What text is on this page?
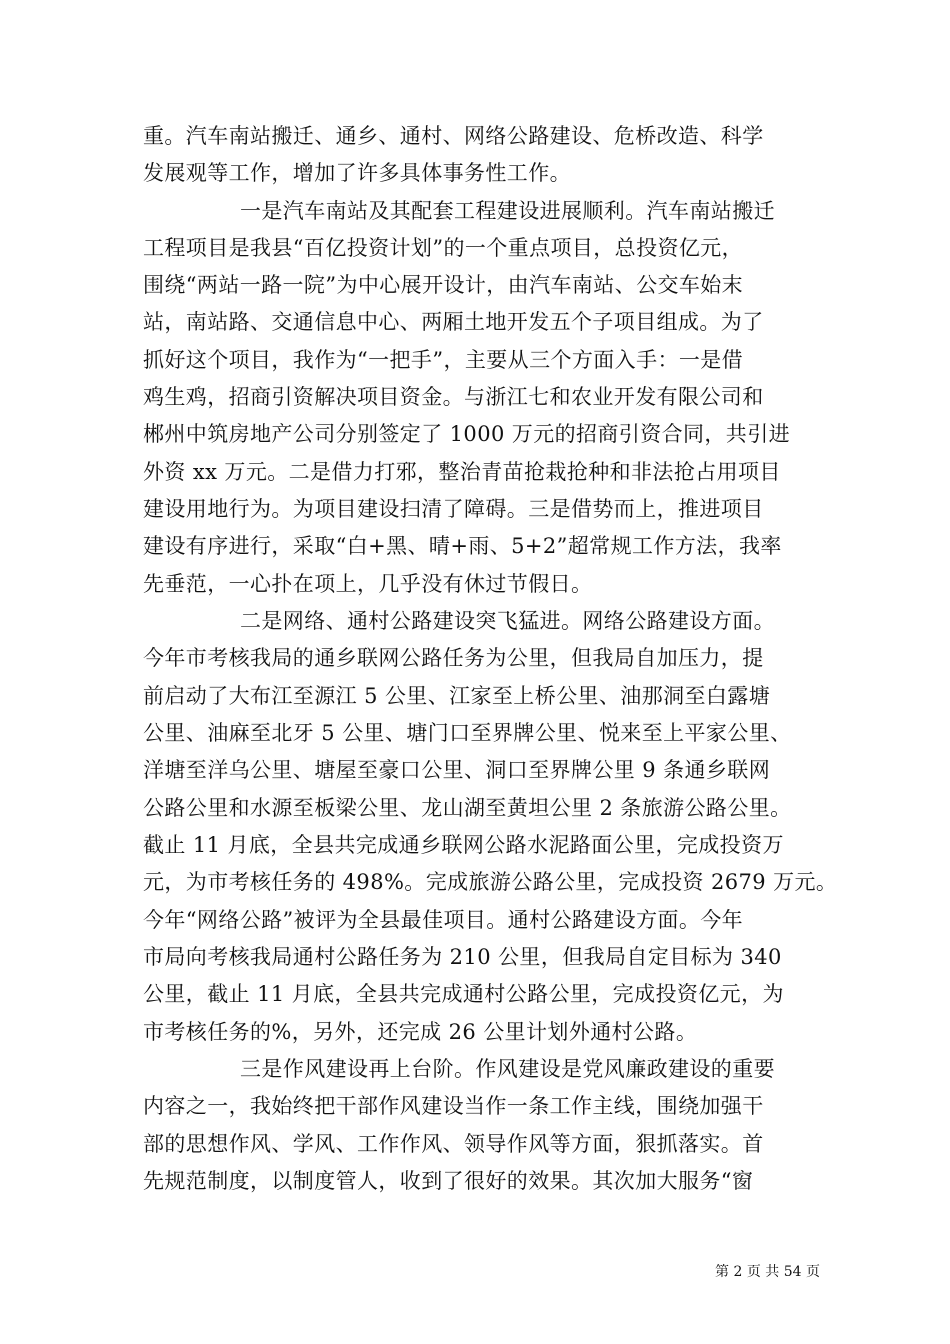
重。汽车南站搬迁、通乡、通村、网络公路建设、危桥改造、科学
发展观等工作，增加了许多具体事务性工作。
一是汽车南站及其配套工程建设进展顺利。汽车南站搬迁
工程项目是我县“百亿投资计划”的一个重点项目，总投资亿元，
围绕“两站一路一院”为中心展开设计，由汽车南站、公交车始末
站，南站路、交通信息中心、两厢土地开发五个子项目组成。为了
抓好这个项目，我作为“一把手”，主要从三个方面入手：一是借
鸡生鸡，招商引资解决项目资金。与浙江七和农业开发有限公司和
郴州中筑房地产公司分别签定了 1000 万元的招商引资合同，共引进
外资 xx 万元。二是借力打邪，整治青苗抢栽抢种和非法抢占用项目
建设用地行为。为项目建设扫清了障碍。三是借势而上，推进项目
建设有序进行，采取“白+黑、晴+雨、5+2”超常规工作方法，我率
先垂范，一心扑在项上，几乎没有休过节假日。
二是网络、通村公路建设突飞猛进。网络公路建设方面。
今年市考核我局的通乡联网公路任务为公里，但我局自加压力，提
前启动了大布江至源江 5 公里、江家至上桥公里、油那洞至白露塘
公里、油麻至北牙 5 公里、塘门口至界牌公里、悦来至上平家公里、
洋塘至洋乌公里、塘屋至豪口公里、洞口至界牌公里 9 条通乡联网
公路公里和水源至板梁公里、龙山湖至黄坦公里 2 条旅游公路公里。
截止 11 月底，全县共完成通乡联网公路水泥路面公里，完成投资万
元，为市考核任务的 498%。完成旅游公路公里，完成投资 2679 万元。
今年“网络公路”被评为全县最佳项目。通村公路建设方面。今年
市局向考核我局通村公路任务为 210 公里，但我局自定目标为 340
公里，截止 11 月底，全县共完成通村公路公里，完成投资亿元，为
市考核任务的%，另外，还完成 26 公里计划外通村公路。
三是作风建设再上台阶。作风建设是党风廉政建设的重要
内容之一，我始终把干部作风建设当作一条工作主线，围绕加强干
部的思想作风、学风、工作作风、领导作风等方面，狠抓落实。首
先规范制度，以制度管人，收到了很好的效果。其次加大服务“窗
第 2 页 共 54 页
